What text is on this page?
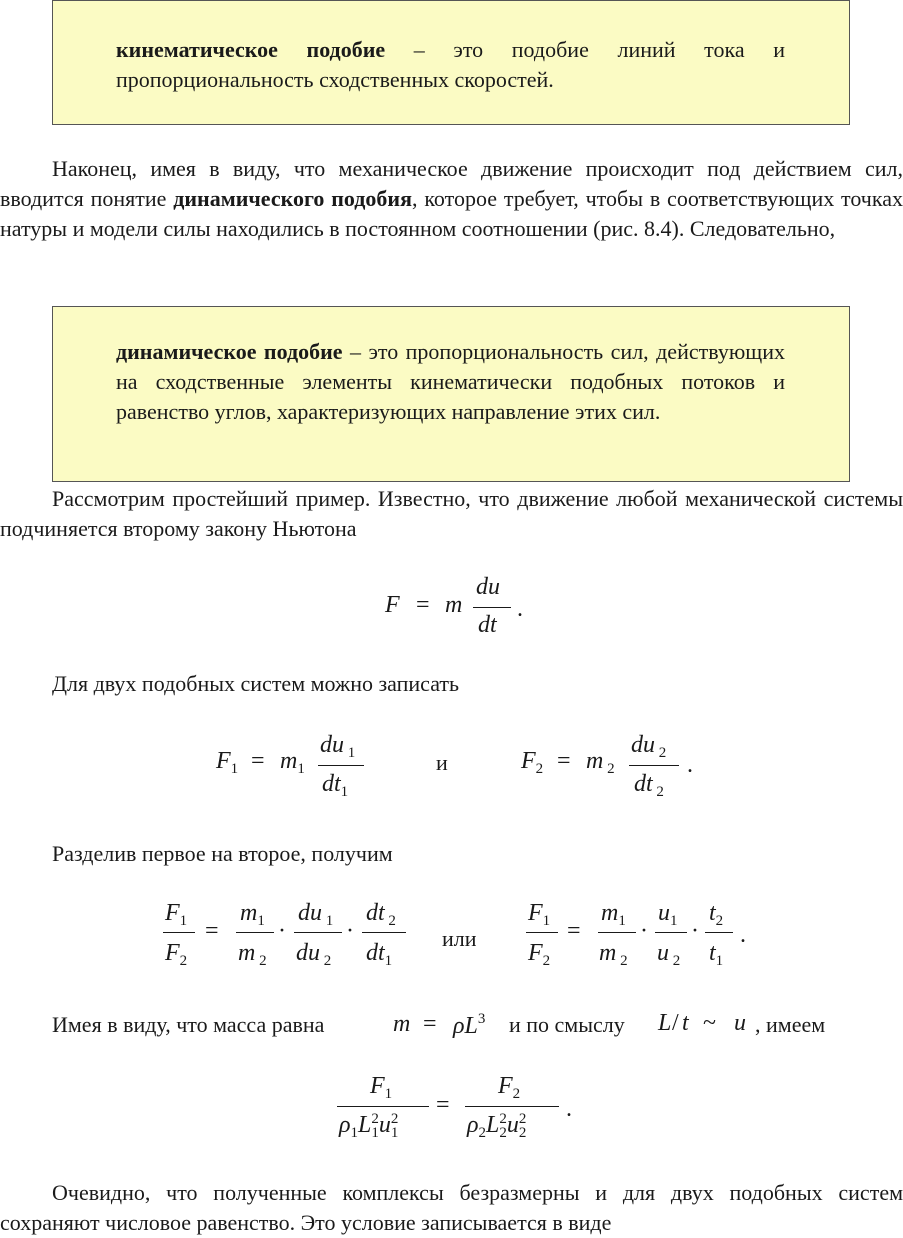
кинематическое подобие – это подобие линий тока и пропорциональность сходственных скоростей.

Наконец, имея в виду, что механическое движение происходит под действием сил, вводится понятие динамического подобия, которое требует, чтобы в соответствующих точках натуры и модели силы находились в постоянном соотношении (рис. 8.4). Следовательно,

динамическое подобие – это пропорциональность сил, действующих на сходственные элементы кинематически подобных потоков и равенство углов, характеризующих направление этих сил.

Рассмотрим простейший пример. Известно, что движение любой механической системы подчиняется второму закону Ньютона

F = m
du
dt
.

Для двух подобных систем можно записать

$F_1 = m_1$
du $_1$
$dt_1$
и	$F_2 = m$ $_2$
du $_2$
dt $_2$
.

Разделив первое на второе, получим

$F_1$
$F_2$
=
$m_1$
m $_2$
·
du $_1$
du $_2$
·
dt $_2$
$dt_1$
или
$F_1$
$F_2$
=
$m_1$
m $_2$
·
$u_1$
u $_2$
·
$t_2$
$t_1$
.
Имея в виду, что масса равна	$m = \rho L^3$ и по смыслу L / t ~ u , имеем
$F_1$
$\rho_1L$ $_{2 1}$u $_{2 1}$
=
$F_2$
$\rho_2L$ $_{2 2}$u $_{2 2}$
.

Очевидно, что полученные комплексы безразмерны и для двух подобных систем сохраняют числовое равенство. Это условие записывается в виде
